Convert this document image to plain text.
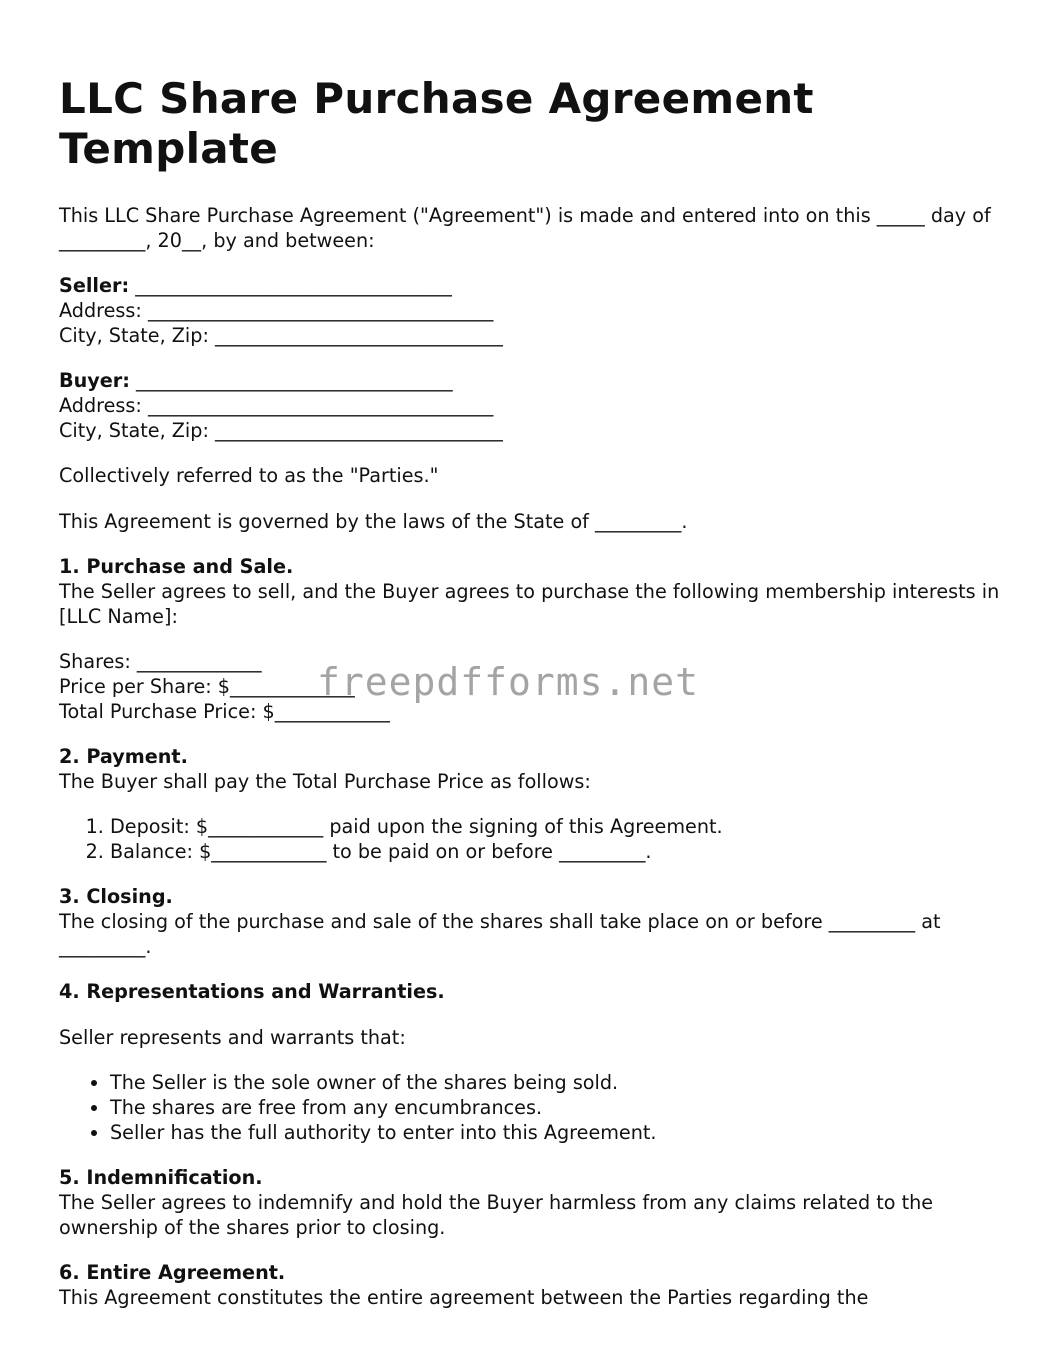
LLC Share Purchase Agreement Template

This LLC Share Purchase Agreement ("Agreement") is made and entered into on this _____ day of _________, 20__, by and between:

Seller: _________________________________
Address: ____________________________________
City, State, Zip: ______________________________
Buyer: _________________________________
Address: ____________________________________
City, State, Zip: ______________________________

Collectively referred to as the "Parties."

This Agreement is governed by the laws of the State of _________.

1. Purchase and Sale.
The Seller agrees to sell, and the Buyer agrees to purchase the following membership interests in [LLC Name]:

Shares: _____________
Price per Share: $_____________
Total Purchase Price: $____________

2. Payment.
The Buyer shall pay the Total Purchase Price as follows:

1. Deposit: $____________ paid upon the signing of this Agreement.
2. Balance: $____________ to be paid on or before _________.

3. Closing.
The closing of the purchase and sale of the shares shall take place on or before _________ at _________.

4. Representations and Warranties.

Seller represents and warrants that:

• The Seller is the sole owner of the shares being sold.
• The shares are free from any encumbrances.
• Seller has the full authority to enter into this Agreement.

5. Indemnification.
The Seller agrees to indemnify and hold the Buyer harmless from any claims related to the ownership of the shares prior to closing.

6. Entire Agreement.
This Agreement constitutes the entire agreement between the Parties regarding the

freepdfforms.net
